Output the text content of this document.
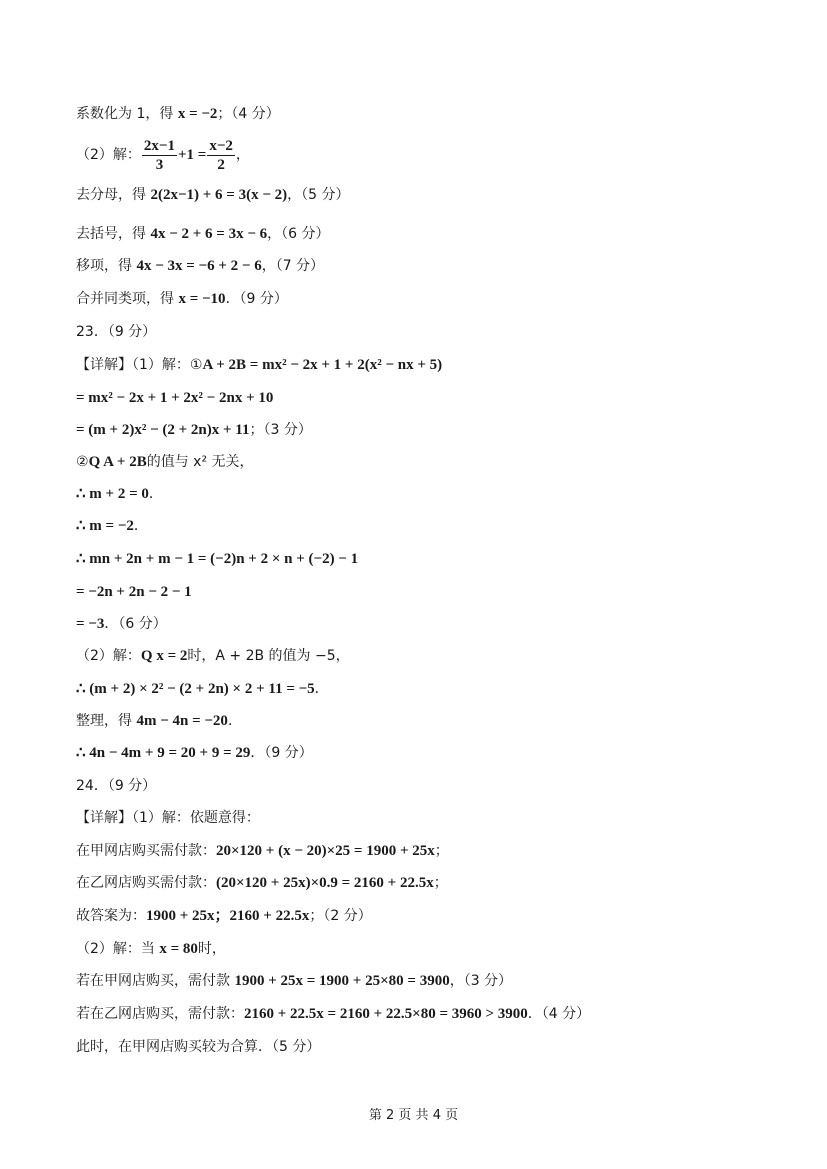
系数化为 1，得 x = −2；（4 分）
（2）解： $\frac{2x-1}{3} +1 = \frac{x-2}{2}$ ，
去分母，得 2(2x−1) + 6 = 3(x − 2)，（5 分）
去括号，得 4x − 2 + 6 = 3x − 6，（6 分）
移项，得 4x − 3x = −6 + 2 − 6，（7 分）
合并同类项，得 x = −10．（9 分）
23．（9 分）
【详解】（1）解：①A + 2B = mx² − 2x + 1 + 2(x² − nx + 5)
= mx² − 2x + 1 + 2x² − 2nx + 10
= (m + 2)x² − (2 + 2n)x + 11；（3 分）
②Q A + 2B的值与 x² 无关，
∴ m + 2 = 0．
∴ m = −2．
∴ mn + 2n + m − 1 = (−2)n + 2 × n + (−2) − 1
= −2n + 2n − 2 − 1
= −3．（6 分）
（2）解：Q x = 2时，A + 2B 的值为 −5，
∴ (m + 2) × 2² − (2 + 2n) × 2 + 11 = −5．
整理，得 4m − 4n = −20．
∴ 4n − 4m + 9 = 20 + 9 = 29．（9 分）
24．（9 分）
【详解】（1）解：依题意得：
在甲网店购买需付款：20×120 + (x − 20)×25 = 1900 + 25x；
在乙网店购买需付款：(20×120 + 25x)×0.9 = 2160 + 22.5x；
故答案为：1900 + 25x；2160 + 22.5x；（2 分）
（2）解：当 x = 80时，
若在甲网店购买，需付款 1900 + 25x = 1900 + 25×80 = 3900，（3 分）
若在乙网店购买，需付款：2160 + 22.5x = 2160 + 22.5×80 = 3960 > 3900．（4 分）
此时，在甲网店购买较为合算．（5 分）
第 2 页 共 4 页
